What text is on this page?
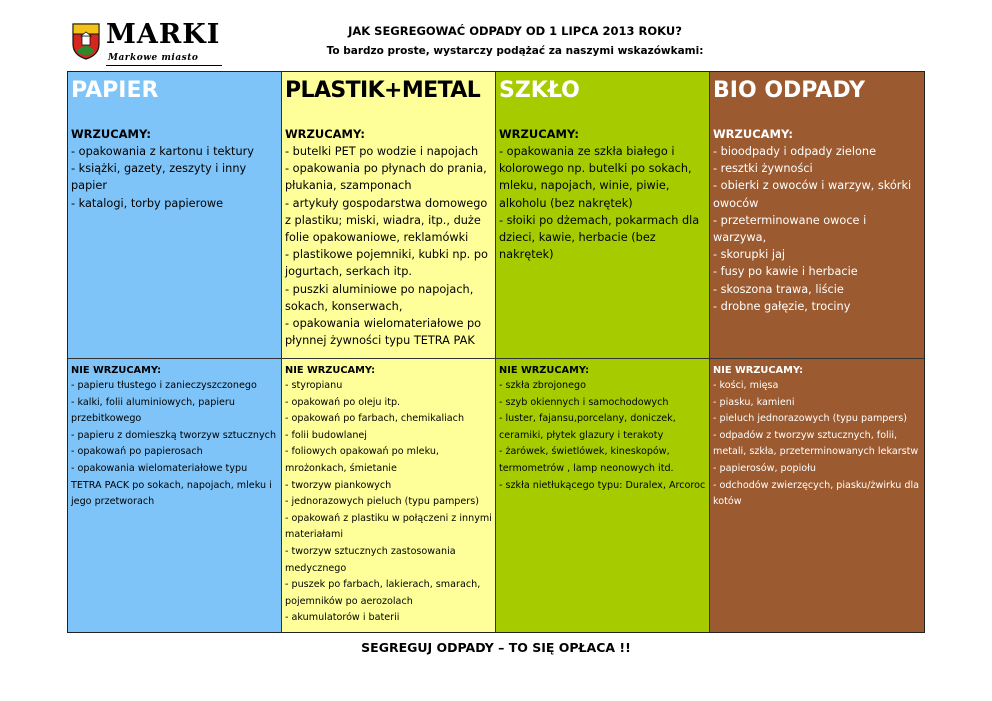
MARKI
Markowe miasto
JAK SEGREGOWAĆ ODPADY OD 1 LIPCA 2013 ROKU?
To bardzo proste, wystarczy podążać za naszymi wskazówkami:
PAPIER
WRZUCAMY:
- opakowania z kartonu i tektury
- książki, gazety, zeszyty i inny papier
- katalogi, torby papierowe
PLASTIK+METAL
WRZUCAMY:
- butelki PET po wodzie i napojach
- opakowania po płynach do prania, płukania, szamponach
- artykuły gospodarstwa domowego z plastiku; miski, wiadra, itp., duże folie opakowaniowe, reklamówki
- plastikowe pojemniki, kubki np. po jogurtach, serkach itp.
- puszki aluminiowe po napojach, sokach, konserwach,
- opakowania wielomateriałowe po płynnej żywności typu TETRA PAK
SZKŁO
WRZUCAMY:
- opakowania ze szkła białego i kolorowego np. butelki po sokach, mleku, napojach, winie, piwie, alkoholu (bez nakrętek)
- słoiki po dżemach, pokarmach dla dzieci, kawie, herbacie (bez nakrętek)
BIO ODPADY
WRZUCAMY:
- bioodpady i odpady zielone
- resztki żywności
- obierki z owoców i warzyw, skórki owoców
- przeterminowane owoce i warzywa,
- skorupki jaj
- fusy po kawie i herbacie
- skoszona trawa, liście
- drobne gałęzie, trociny
NIE WRZUCAMY:
- papieru tłustego i zanieczyszczonego
- kalki, folii aluminiowych, papieru przebitkowego
- papieru z domieszką tworzyw sztucznych
- opakowań po papierosach
- opakowania wielomateriałowe typu TETRA PACK po sokach, napojach, mleku i jego przetworach
NIE WRZUCAMY:
- styropianu
- opakowań po oleju itp.
- opakowań po farbach, chemikaliach
- folii budowlanej
- foliowych opakowań po mleku, mrożonkach, śmietanie
- tworzyw piankowych
- jednorazowych pieluch (typu pampers)
- opakowań z plastiku w połączeni z innymi materiałami
- tworzyw sztucznych zastosowania medycznego
- puszek po farbach, lakierach, smarach, pojemników po aerozolach
- akumulatorów i baterii
NIE WRZUCAMY:
- szkła zbrojonego
- szyb okiennych i samochodowych
- luster, fajansu,porcelany, doniczek, ceramiki, płytek glazury i terakoty
- żarówek, świetlówek, kineskopów, termometrów , lamp neonowych itd.
- szkła nietłukącego typu: Duralex, Arcoroc
NIE WRZUCAMY:
- kości, mięsa
- piasku, kamieni
- pieluch jednorazowych (typu pampers)
- odpadów z tworzyw sztucznych, folii, metali, szkła, przeterminowanych lekarstw
- papierosów, popiołu
- odchodów zwierzęcych, piasku/żwirku dla kotów
SEGREGUJ ODPADY – TO SIĘ OPŁACA !!
